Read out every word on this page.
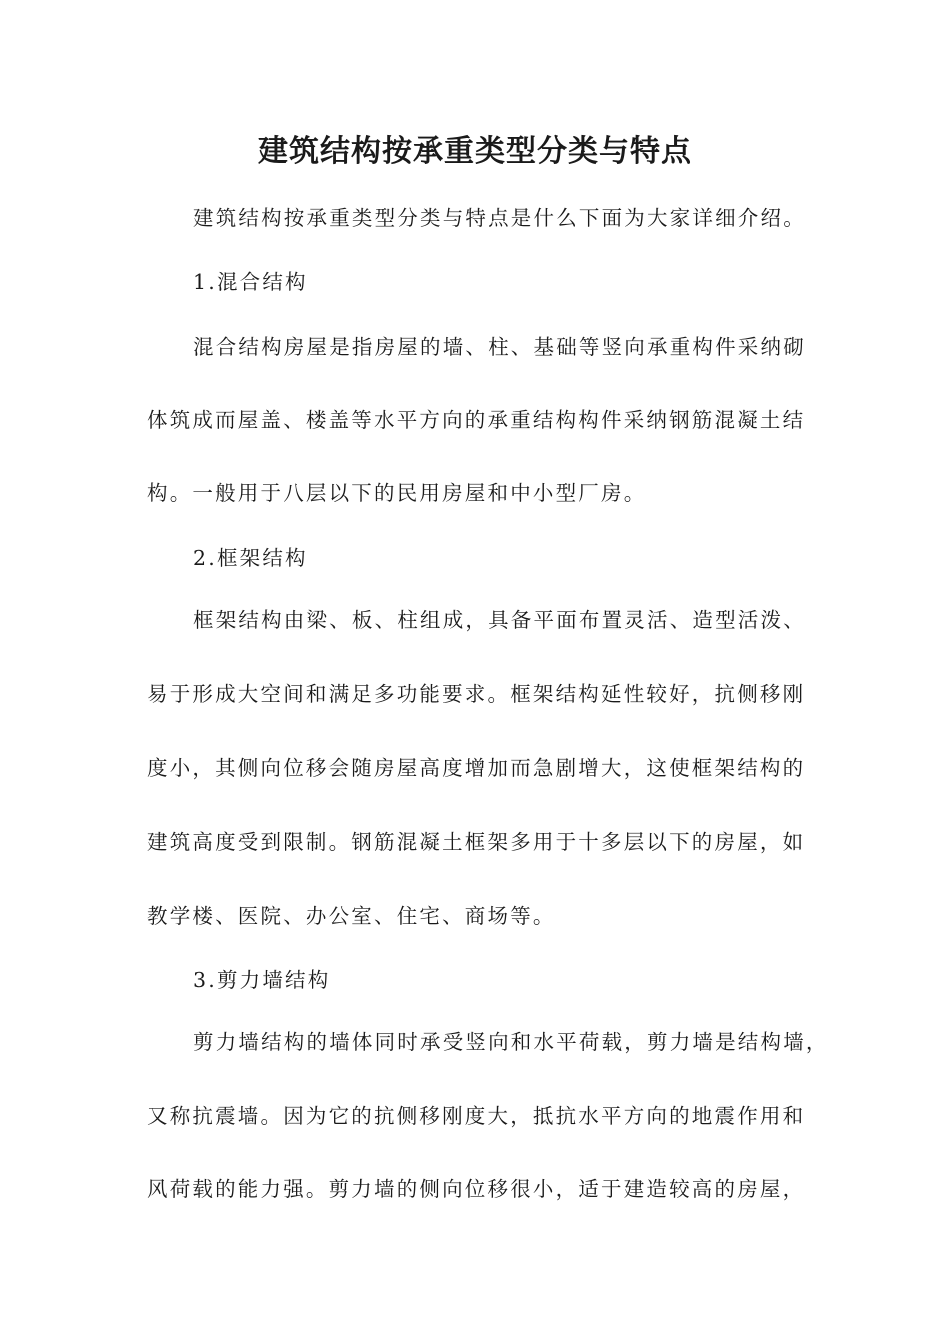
建筑结构按承重类型分类与特点
建筑结构按承重类型分类与特点是什么下面为大家详细介绍。
1.混合结构
混合结构房屋是指房屋的墙、柱、基础等竖向承重构件采纳砌
体筑成而屋盖、楼盖等水平方向的承重结构构件采纳钢筋混凝土结
构。一般用于八层以下的民用房屋和中小型厂房。
2.框架结构
框架结构由梁、板、柱组成，具备平面布置灵活、造型活泼、
易于形成大空间和满足多功能要求。框架结构延性较好，抗侧移刚
度小，其侧向位移会随房屋高度增加而急剧增大，这使框架结构的
建筑高度受到限制。钢筋混凝土框架多用于十多层以下的房屋，如
教学楼、医院、办公室、住宅、商场等。
3.剪力墙结构
剪力墙结构的墙体同时承受竖向和水平荷载，剪力墙是结构墙，
又称抗震墙。因为它的抗侧移刚度大，抵抗水平方向的地震作用和
风荷载的能力强。剪力墙的侧向位移很小，适于建造较高的房屋，
